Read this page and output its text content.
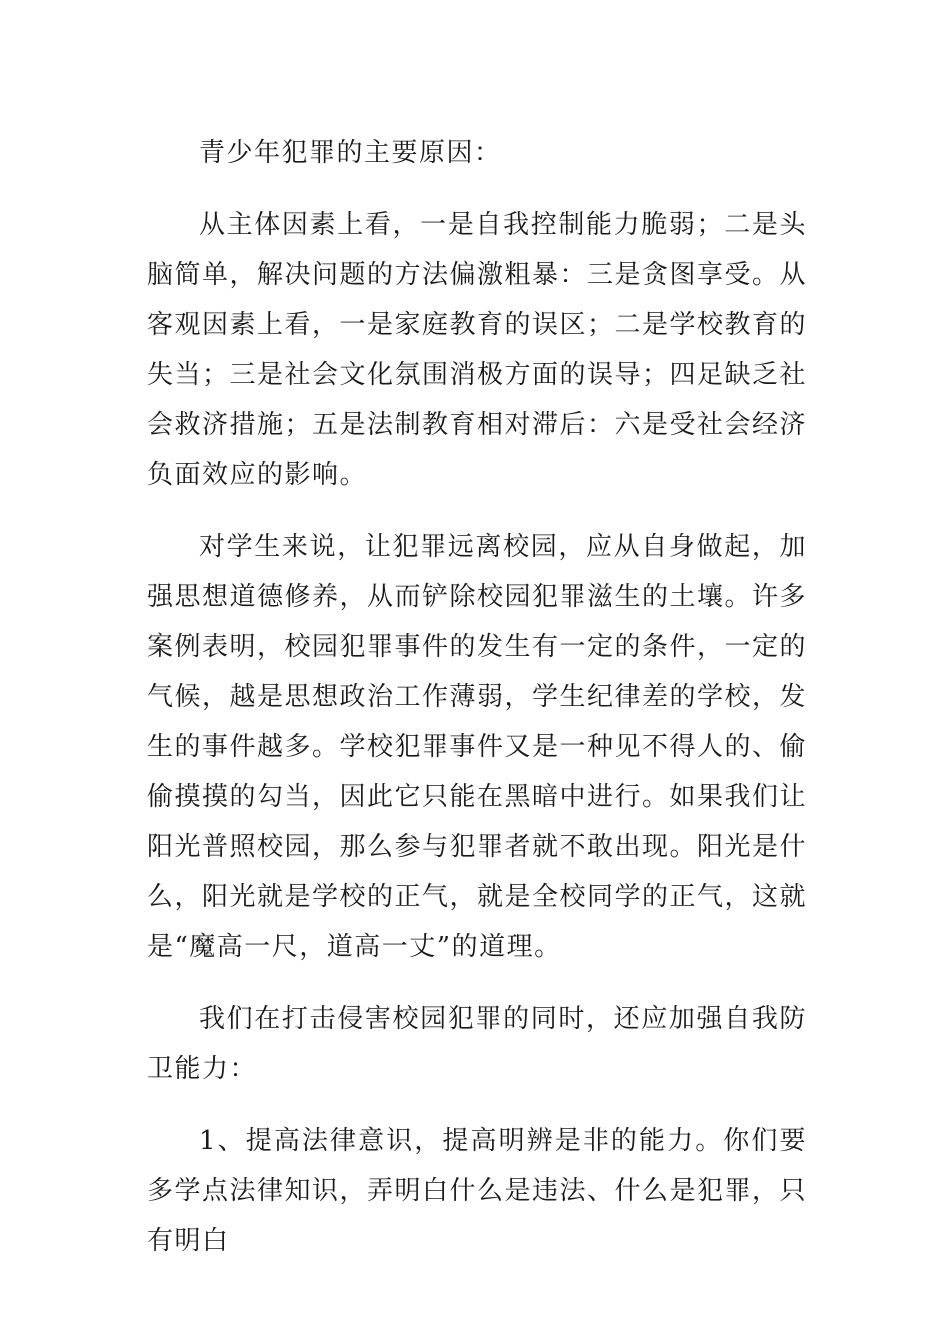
青少年犯罪的主要原因：

从主体因素上看，一是自我控制能力脆弱；二是头脑简单，解决问题的方法偏激粗暴：三是贪图享受。从客观因素上看，一是家庭教育的误区；二是学校教育的失当；三是社会文化氛围消极方面的误导；四足缺乏社会救济措施；五是法制教育相对滞后：六是受社会经济负面效应的影响。

对学生来说，让犯罪远离校园，应从自身做起，加强思想道德修养，从而铲除校园犯罪滋生的土壤。许多案例表明，校园犯罪事件的发生有一定的条件，一定的气候，越是思想政治工作薄弱，学生纪律差的学校，发生的事件越多。学校犯罪事件又是一种见不得人的、偷偷摸摸的勾当，因此它只能在黑暗中进行。如果我们让阳光普照校园，那么参与犯罪者就不敢出现。阳光是什么，阳光就是学校的正气，就是全校同学的正气，这就是“魔高一尺，道高一丈”的道理。

我们在打击侵害校园犯罪的同时，还应加强自我防卫能力：

1、提高法律意识，提高明辨是非的能力。你们要多学点法律知识，弄明白什么是违法、什么是犯罪，只有明白
